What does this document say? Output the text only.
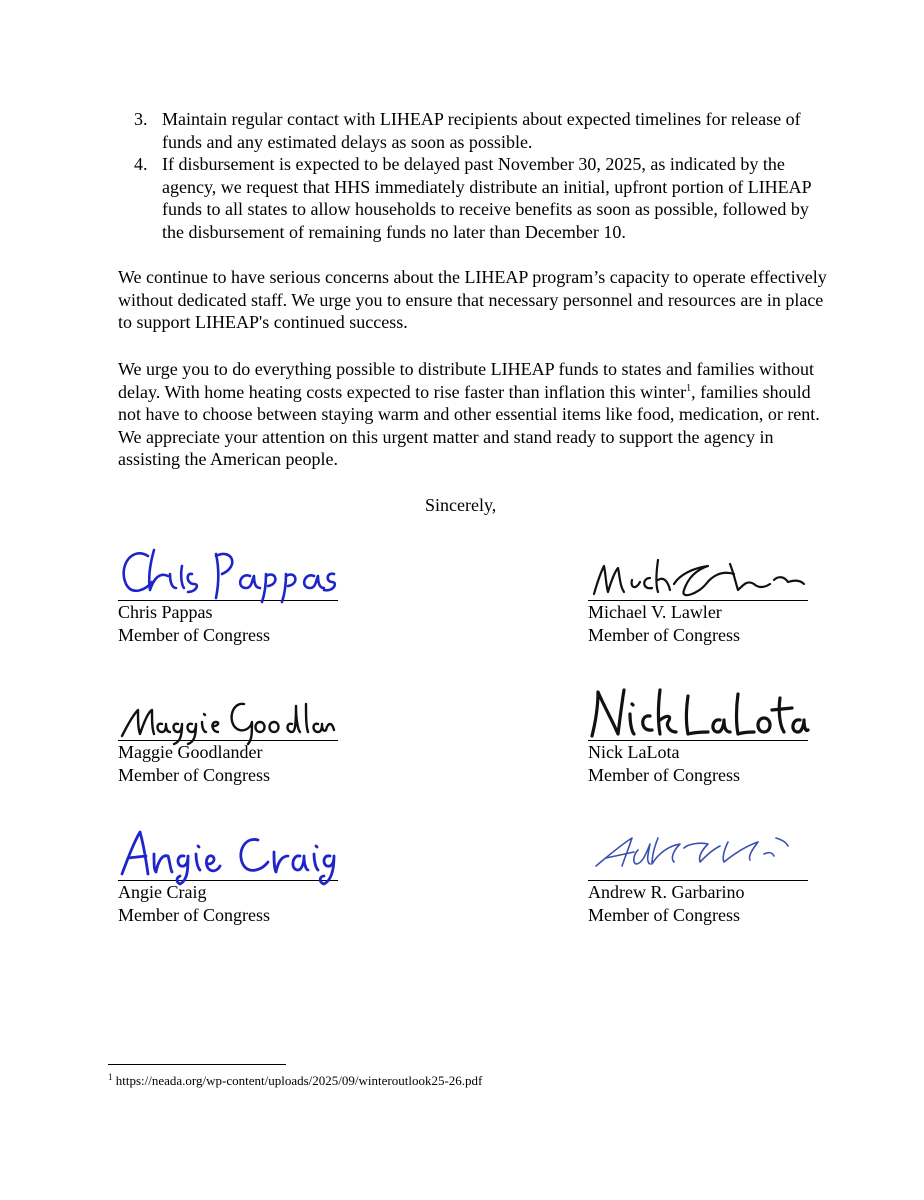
3. Maintain regular contact with LIHEAP recipients about expected timelines for release of funds and any estimated delays as soon as possible.
4. If disbursement is expected to be delayed past November 30, 2025, as indicated by the agency, we request that HHS immediately distribute an initial, upfront portion of LIHEAP funds to all states to allow households to receive benefits as soon as possible, followed by the disbursement of remaining funds no later than December 10.

We continue to have serious concerns about the LIHEAP program’s capacity to operate effectively without dedicated staff. We urge you to ensure that necessary personnel and resources are in place to support LIHEAP's continued success.

We urge you to do everything possible to distribute LIHEAP funds to states and families without delay. With home heating costs expected to rise faster than inflation this winter$^1$, families should not have to choose between staying warm and other essential items like food, medication, or rent. We appreciate your attention on this urgent matter and stand ready to support the agency in assisting the American people.

Sincerely,

Chris Pappas
Member of Congress
Michael V. Lawler
Member of Congress
Maggie Goodlander
Member of Congress
Nick LaLota
Member of Congress
Angie Craig
Member of Congress
Andrew R. Garbarino
Member of Congress

$^1$ https://neada.org/wp-content/uploads/2025/09/winteroutlook25-26.pdf
